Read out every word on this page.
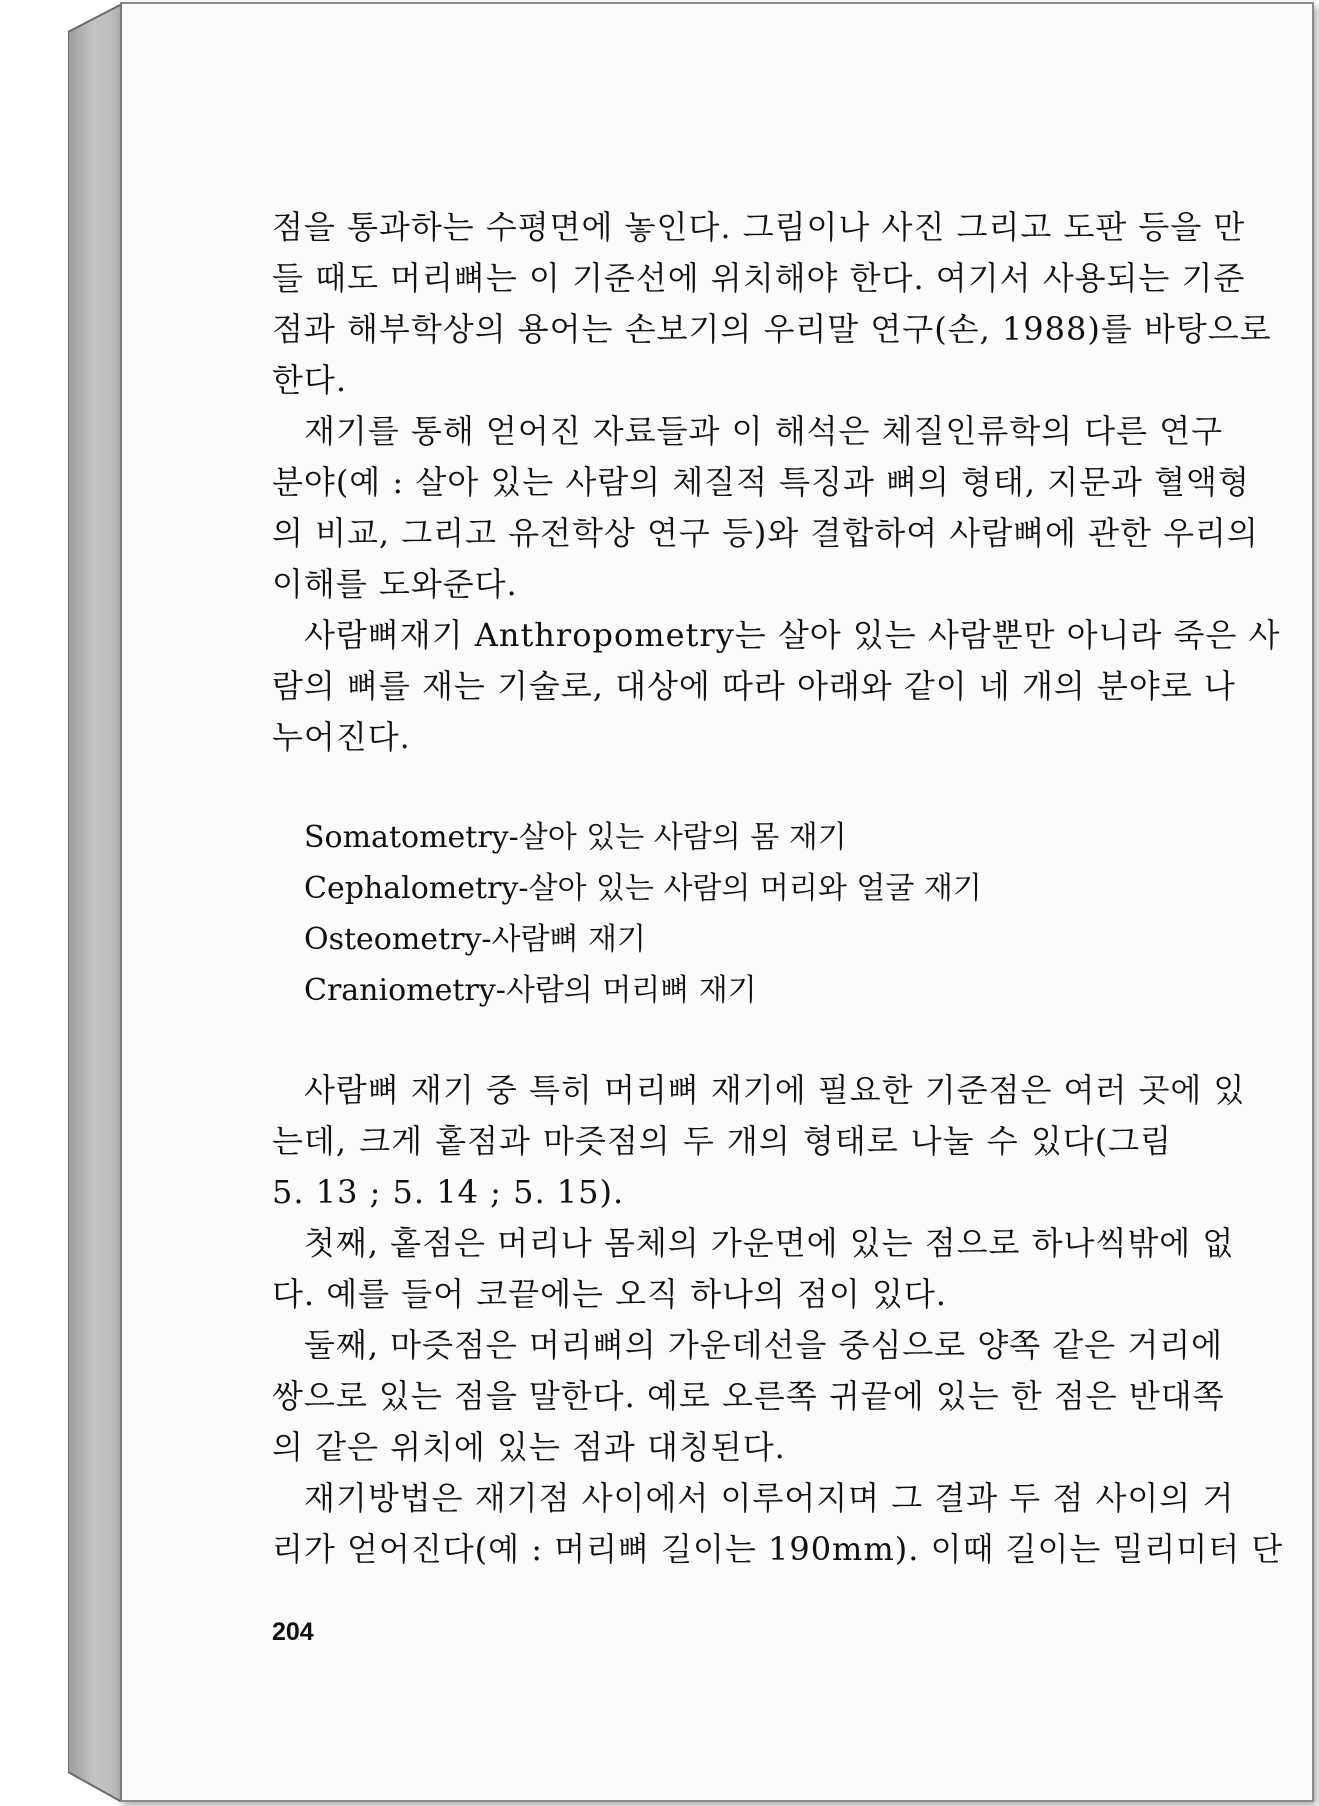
점을 통과하는 수평면에 놓인다. 그림이나 사진 그리고 도판 등을 만
들 때도 머리뼈는 이 기준선에 위치해야 한다. 여기서 사용되는 기준
점과 해부학상의 용어는 손보기의 우리말 연구(손, 1988)를 바탕으로
한다.

재기를 통해 얻어진 자료들과 이 해석은 체질인류학의 다른 연구
분야(예 : 살아 있는 사람의 체질적 특징과 뼈의 형태, 지문과 혈액형
의 비교, 그리고 유전학상 연구 등)와 결합하여 사람뼈에 관한 우리의
이해를 도와준다.

사람뼈재기 Anthropometry는 살아 있는 사람뿐만 아니라 죽은 사
람의 뼈를 재는 기술로, 대상에 따라 아래와 같이 네 개의 분야로 나
누어진다.

Somatometry-살아 있는 사람의 몸 재기
Cephalometry-살아 있는 사람의 머리와 얼굴 재기
Osteometry-사람뼈 재기
Craniometry-사람의 머리뼈 재기

사람뼈 재기 중 특히 머리뼈 재기에 필요한 기준점은 여러 곳에 있
는데, 크게 홑점과 마즛점의 두 개의 형태로 나눌 수 있다(그림
5. 13 ; 5. 14 ; 5. 15).

첫째, 홑점은 머리나 몸체의 가운면에 있는 점으로 하나씩밖에 없
다. 예를 들어 코끝에는 오직 하나의 점이 있다.

둘째, 마즛점은 머리뼈의 가운데선을 중심으로 양쪽 같은 거리에
쌍으로 있는 점을 말한다. 예로 오른쪽 귀끝에 있는 한 점은 반대쪽
의 같은 위치에 있는 점과 대칭된다.

재기방법은 재기점 사이에서 이루어지며 그 결과 두 점 사이의 거
리가 얻어진다(예 : 머리뼈 길이는 190mm). 이때 길이는 밀리미터 단

204
